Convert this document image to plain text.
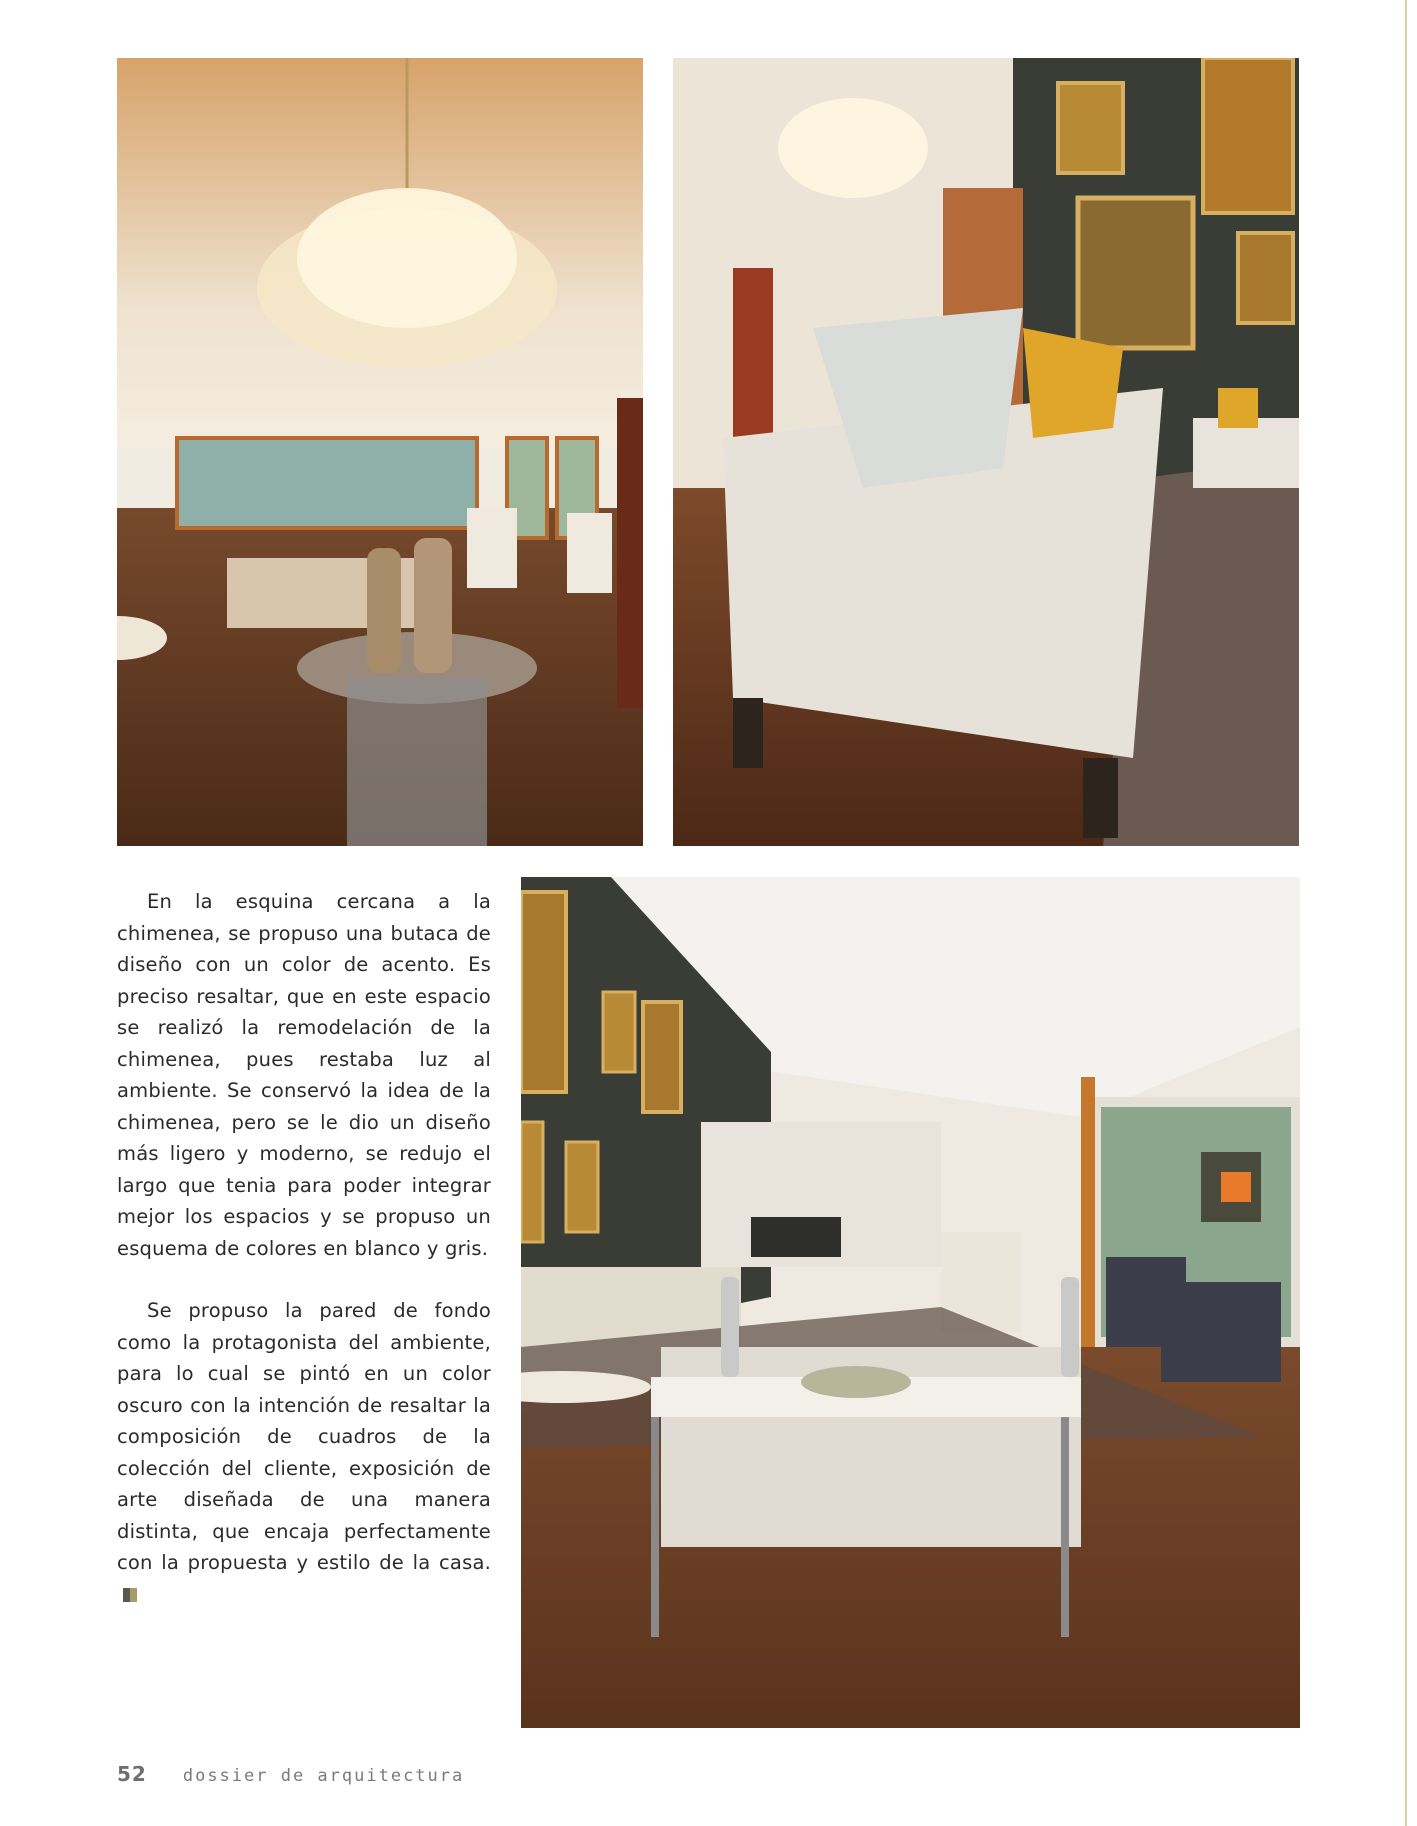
En la esquina cercana a la chimenea, se propuso una butaca de diseño con un color de acento. Es preciso resaltar, que en este espacio se realizó la remodelación de la chimenea, pues restaba luz al ambiente. Se conservó la idea de la chimenea, pero se le dio un diseño más ligero y moderno, se redujo el largo que tenia para poder integrar mejor los espacios y se propuso un esquema de colores en blanco y gris.

Se propuso la pared de fondo como la protagonista del ambiente, para lo cual se pintó en un color oscuro con la intención de resaltar la composición de cuadros de la colección del cliente, exposición de arte diseñada de una manera distinta, que encaja perfectamente con la propuesta y estilo de la casa.

52 dossier de arquitectura
